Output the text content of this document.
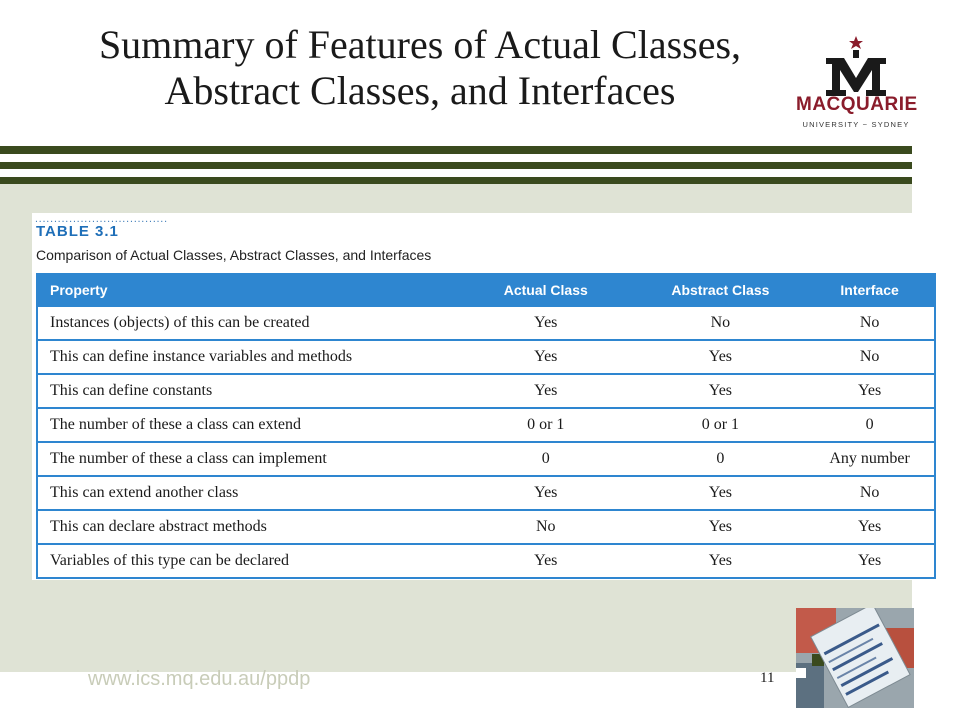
Summary of Features of Actual Classes,
Abstract Classes, and Interfaces	MACQUARIE
UNIVERSITY ~ SYDNEY
...................................
TABLE 3.1
Comparison of Actual Classes, Abstract Classes, and Interfaces
Property	Actual Class	Abstract Class	Interface
Instances (objects) of this can be created	Yes	No	No
This can define instance variables and methods	Yes	Yes	No
This can define constants	Yes	Yes	Yes
The number of these a class can extend	0 or 1	0 or 1	0
The number of these a class can implement	0	0	Any number
This can extend another class	Yes	Yes	No
This can declare abstract methods	No	Yes	Yes
Variables of this type can be declared	Yes	Yes	Yes
www.ics.mq.edu.au/ppdp	11
